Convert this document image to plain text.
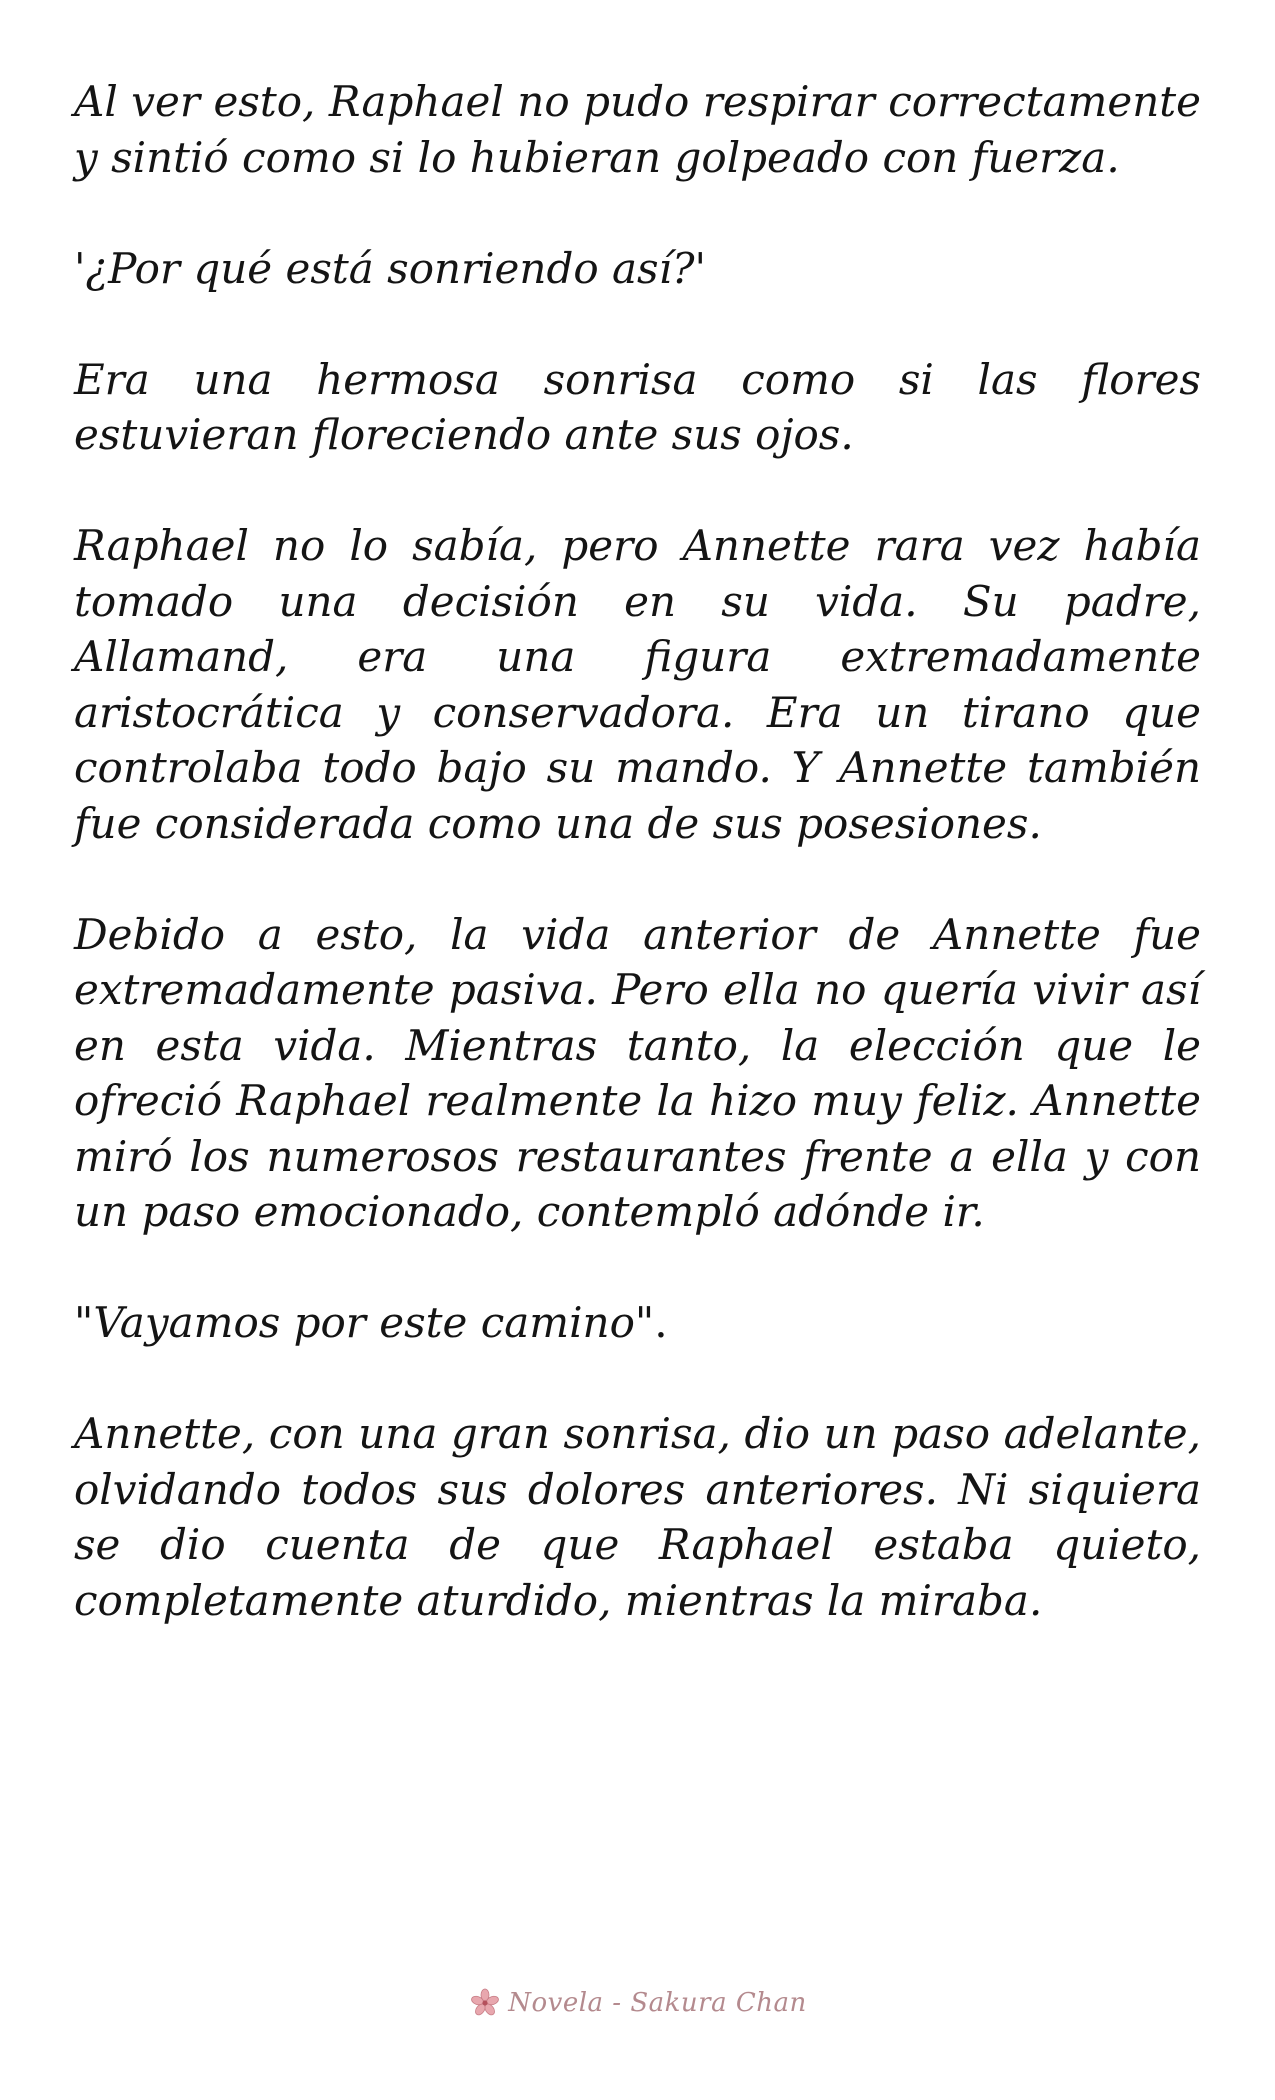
Al ver esto, Raphael no pudo respirar correctamente y sintió como si lo hubieran golpeado con fuerza.

'¿Por qué está sonriendo así?'

Era una hermosa sonrisa como si las flores estuvieran floreciendo ante sus ojos.

Raphael no lo sabía, pero Annette rara vez había tomado una decisión en su vida. Su padre, Allamand, era una figura extremadamente aristocrática y conservadora. Era un tirano que controlaba todo bajo su mando. Y Annette también fue considerada como una de sus posesiones.

Debido a esto, la vida anterior de Annette fue extremadamente pasiva. Pero ella no quería vivir así en esta vida. Mientras tanto, la elección que le ofreció Raphael realmente la hizo muy feliz. Annette miró los numerosos restaurantes frente a ella y con un paso emocionado, contempló adónde ir.

"Vayamos por este camino".

Annette, con una gran sonrisa, dio un paso adelante, olvidando todos sus dolores anteriores. Ni siquiera se dio cuenta de que Raphael estaba quieto, completamente aturdido, mientras la miraba.

Novela - Sakura Chan
